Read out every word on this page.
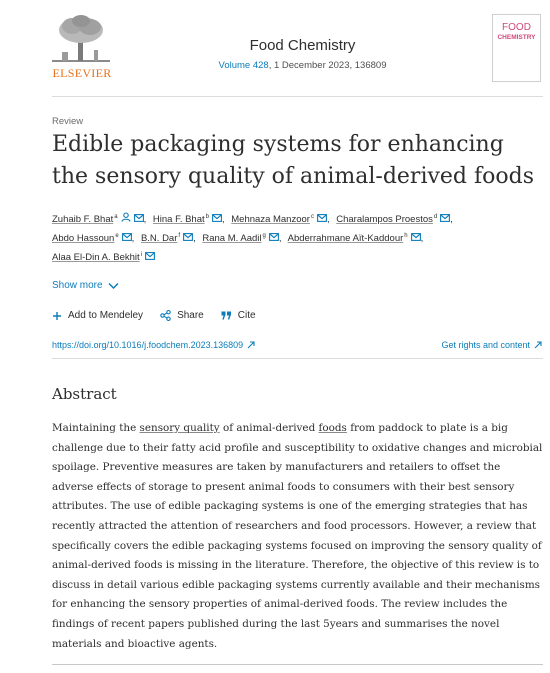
ELSEVIER
Food Chemistry
Volume 428, 1 December 2023, 136809
FOOD
CHEMISTRY
Review
Edible packaging systems for enhancing the sensory quality of animal-derived foods
Zuhaib F. Bhat$^a$	, Hina F. Bhat$^b$ , Mehnaza Manzoor$^c$ , Charalampos Proestos$^d$ , Abdo Hassoun$^e$ , B.N. Dar$^f$ , Rana M. Aadil$^g$ , Abderrahmane Aït-Kaddour$^h$ , Alaa El-Din A. Bekhit$^i$
Show more
Add to Mendeley	Share	Cite
https://doi.org/10.1016/j.foodchem.2023.136809	Get rights and content
Abstract

Maintaining the sensory quality of animal-derived foods from paddock to plate is a big challenge due to their fatty acid profile and susceptibility to oxidative changes and microbial spoilage. Preventive measures are taken by manufacturers and retailers to offset the adverse effects of storage to present animal foods to consumers with their best sensory attributes. The use of edible packaging systems is one of the emerging strategies that has recently attracted the attention of researchers and food processors. However, a review that specifically covers the edible packaging systems focused on improving the sensory quality of animal-derived foods is missing in the literature. Therefore, the objective of this review is to discuss in detail various edible packaging systems currently available and their mechanisms for enhancing the sensory properties of animal-derived foods. The review includes the findings of recent papers published during the last 5years and summarises the novel materials and bioactive agents.
